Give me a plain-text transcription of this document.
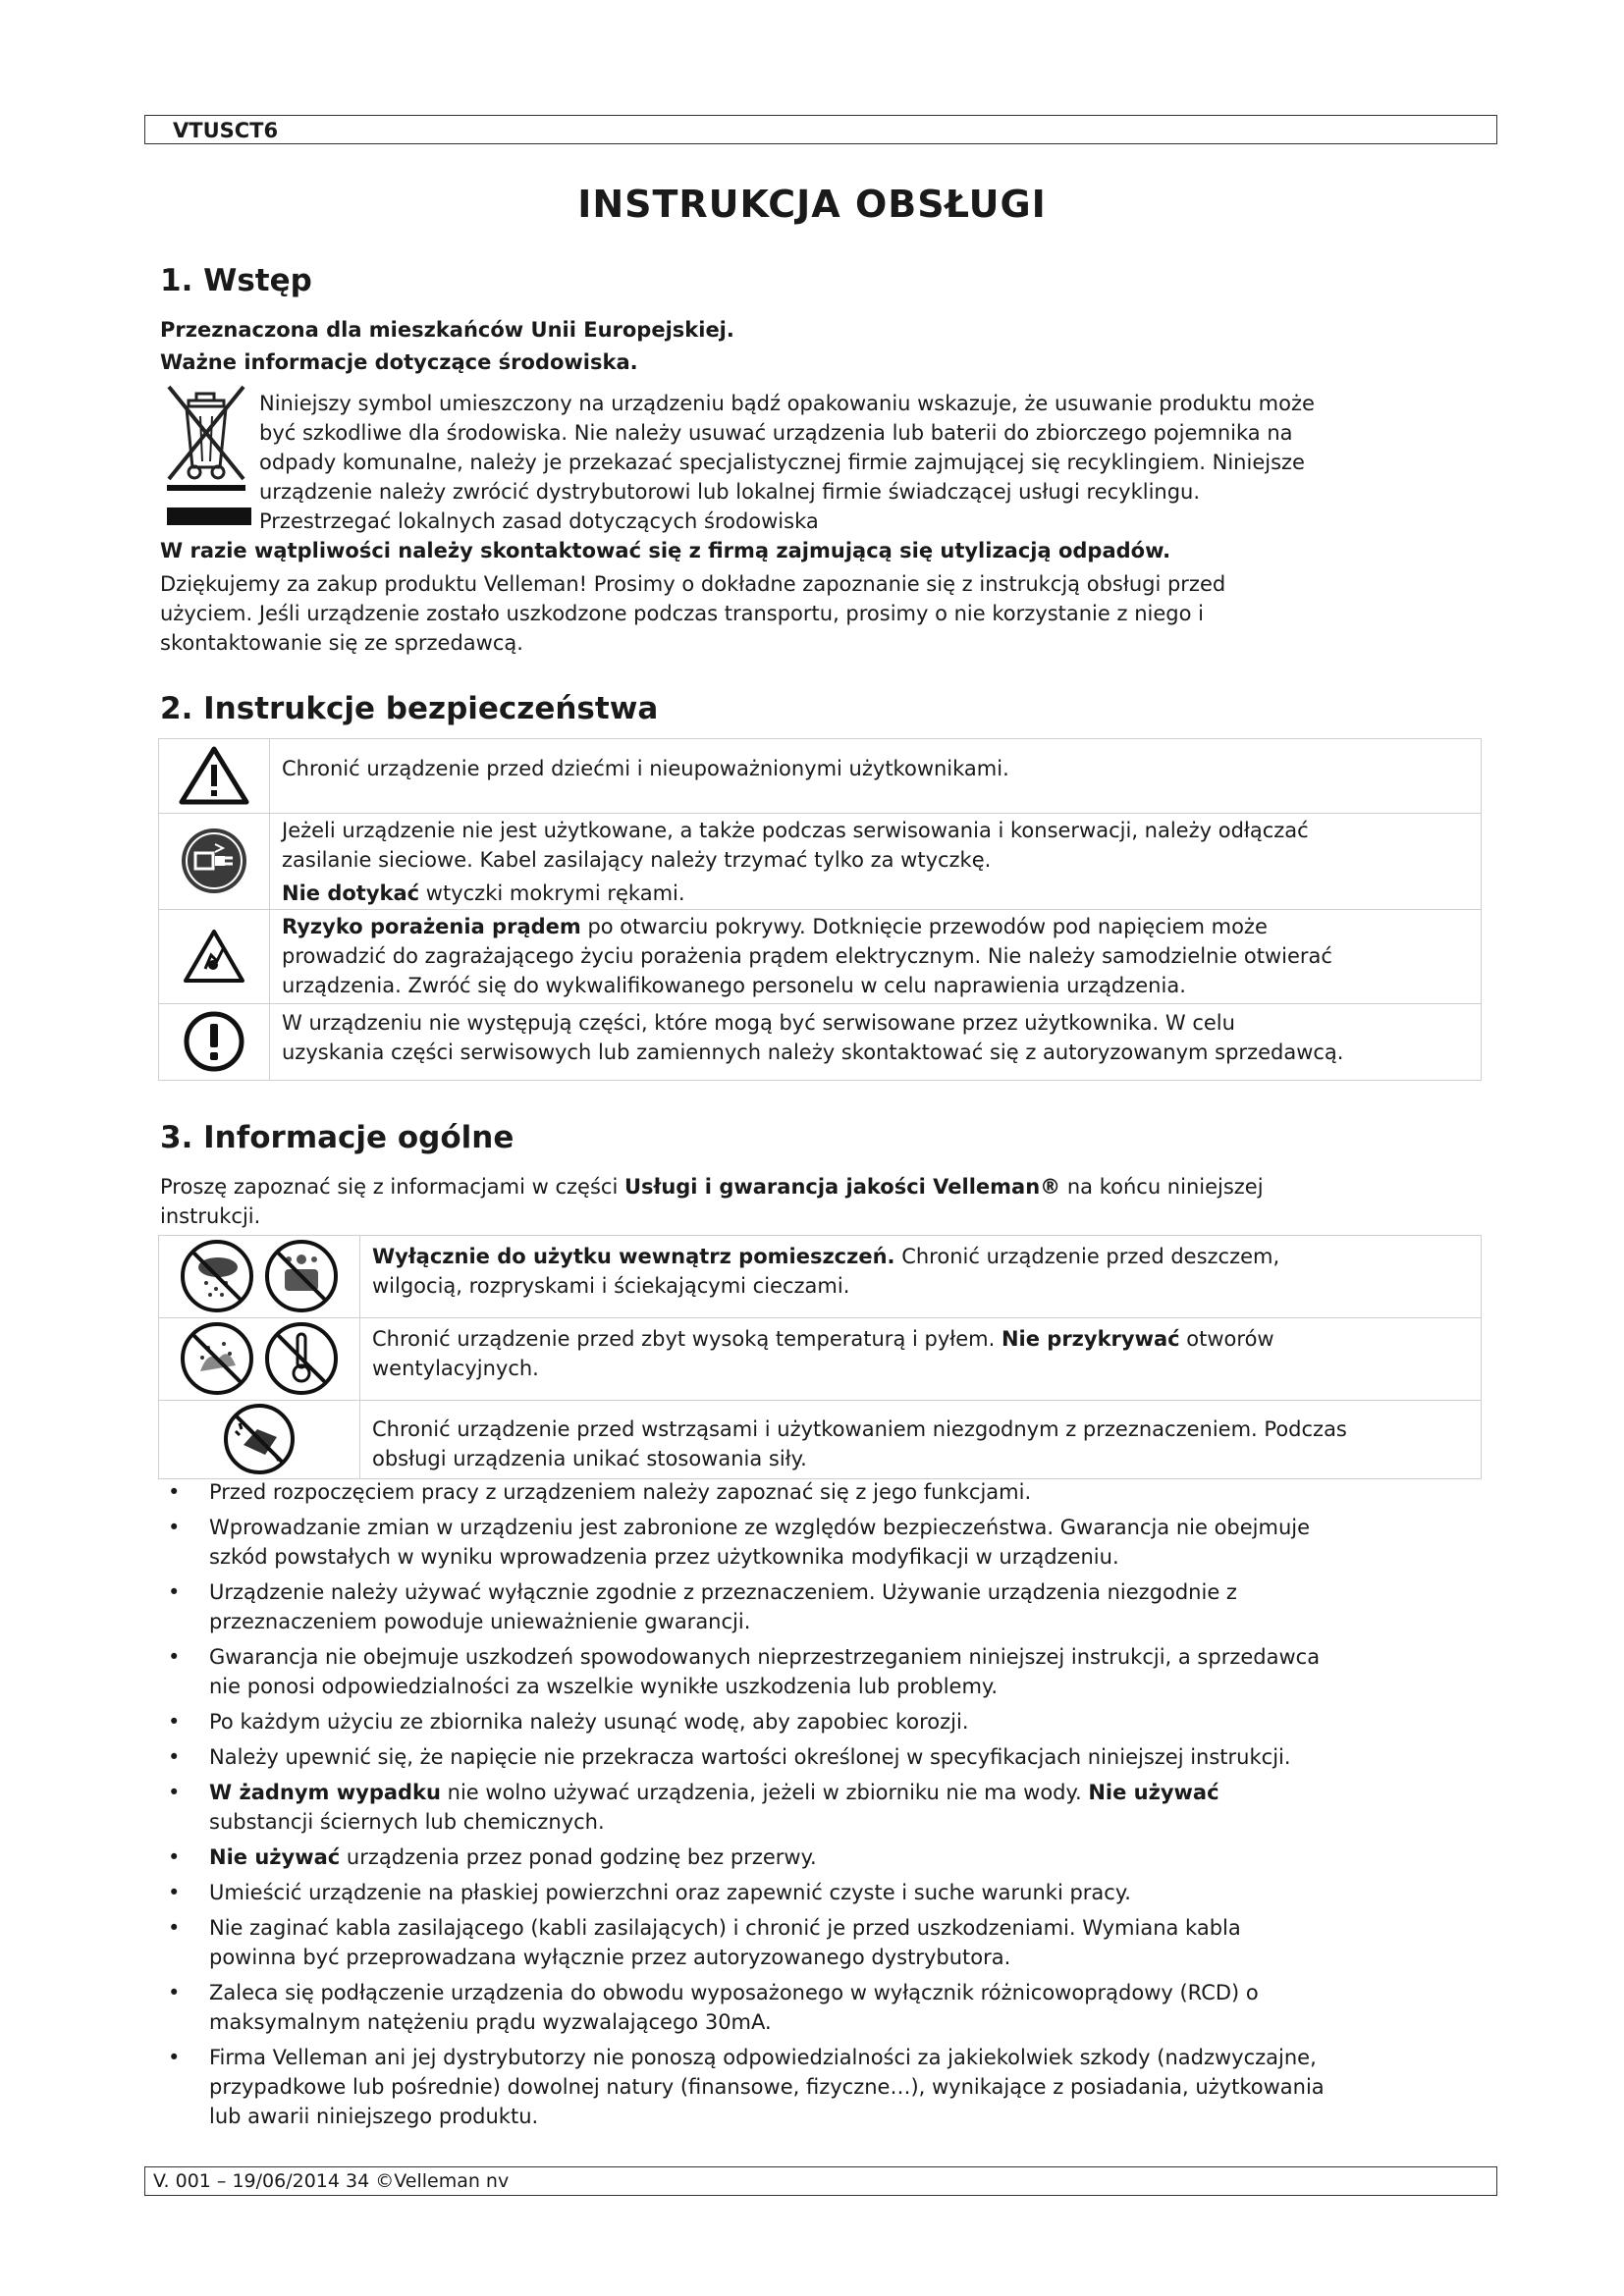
VTUSCT6
INSTRUKCJA OBSŁUGI
1. Wstęp
Przeznaczona dla mieszkańców Unii Europejskiej.
Ważne informacje dotyczące środowiska.
Niniejszy symbol umieszczony na urządzeniu bądź opakowaniu wskazuje, że usuwanie produktu może
być szkodliwe dla środowiska. Nie należy usuwać urządzenia lub baterii do zbiorczego pojemnika na
odpady komunalne, należy je przekazać specjalistycznej firmie zajmującej się recyklingiem. Niniejsze
urządzenie należy zwrócić dystrybutorowi lub lokalnej firmie świadczącej usługi recyklingu.
Przestrzegać lokalnych zasad dotyczących środowiska
W razie wątpliwości należy skontaktować się z firmą zajmującą się utylizacją odpadów.
Dziękujemy za zakup produktu Velleman! Prosimy o dokładne zapoznanie się z instrukcją obsługi przed
użyciem. Jeśli urządzenie zostało uszkodzone podczas transportu, prosimy o nie korzystanie z niego i
skontaktowanie się ze sprzedawcą.
2. Instrukcje bezpieczeństwa

Chronić urządzenie przed dziećmi i nieupoważnionymi użytkownikami.

Jeżeli urządzenie nie jest użytkowane, a także podczas serwisowania i konserwacji, należy odłączać
zasilanie sieciowe. Kabel zasilający należy trzymać tylko za wtyczkę.
Nie dotykać wtyczki mokrymi rękami.

Ryzyko porażenia prądem po otwarciu pokrywy. Dotknięcie przewodów pod napięciem może
prowadzić do zagrażającego życiu porażenia prądem elektrycznym. Nie należy samodzielnie otwierać
urządzenia. Zwróć się do wykwalifikowanego personelu w celu naprawienia urządzenia.

W urządzeniu nie występują części, które mogą być serwisowane przez użytkownika. W celu
uzyskania części serwisowych lub zamiennych należy skontaktować się z autoryzowanym sprzedawcą.
3. Informacje ogólne
Proszę zapoznać się z informacjami w części Usługi i gwarancja jakości Velleman® na końcu niniejszej
instrukcji.

Wyłącznie do użytku wewnątrz pomieszczeń. Chronić urządzenie przed deszczem,
wilgocią, rozpryskami i ściekającymi cieczami.

Chronić urządzenie przed zbyt wysoką temperaturą i pyłem. Nie przykrywać otworów
wentylacyjnych.

Chronić urządzenie przed wstrząsami i użytkowaniem niezgodnym z przeznaczeniem. Podczas
obsługi urządzenia unikać stosowania siły.
• Przed rozpoczęciem pracy z urządzeniem należy zapoznać się z jego funkcjami.
• Wprowadzanie zmian w urządzeniu jest zabronione ze względów bezpieczeństwa. Gwarancja nie obejmuje
szkód powstałych w wyniku wprowadzenia przez użytkownika modyfikacji w urządzeniu.
• Urządzenie należy używać wyłącznie zgodnie z przeznaczeniem. Używanie urządzenia niezgodnie z
przeznaczeniem powoduje unieważnienie gwarancji.
• Gwarancja nie obejmuje uszkodzeń spowodowanych nieprzestrzeganiem niniejszej instrukcji, a sprzedawca
nie ponosi odpowiedzialności za wszelkie wynikłe uszkodzenia lub problemy.
• Po każdym użyciu ze zbiornika należy usunąć wodę, aby zapobiec korozji.
• Należy upewnić się, że napięcie nie przekracza wartości określonej w specyfikacjach niniejszej instrukcji.
• W żadnym wypadku nie wolno używać urządzenia, jeżeli w zbiorniku nie ma wody. Nie używać
substancji ściernych lub chemicznych.
• Nie używać urządzenia przez ponad godzinę bez przerwy.
• Umieścić urządzenie na płaskiej powierzchni oraz zapewnić czyste i suche warunki pracy.
• Nie zaginać kabla zasilającego (kabli zasilających) i chronić je przed uszkodzeniami. Wymiana kabla
powinna być przeprowadzana wyłącznie przez autoryzowanego dystrybutora.
• Zaleca się podłączenie urządzenia do obwodu wyposażonego w wyłącznik różnicowoprądowy (RCD) o
maksymalnym natężeniu prądu wyzwalającego 30mA.
• Firma Velleman ani jej dystrybutorzy nie ponoszą odpowiedzialności za jakiekolwiek szkody (nadzwyczajne,
przypadkowe lub pośrednie) dowolnej natury (finansowe, fizyczne…), wynikające z posiadania, użytkowania
lub awarii niniejszego produktu.
V. 001 – 19/06/2014 34 ©Velleman nv
